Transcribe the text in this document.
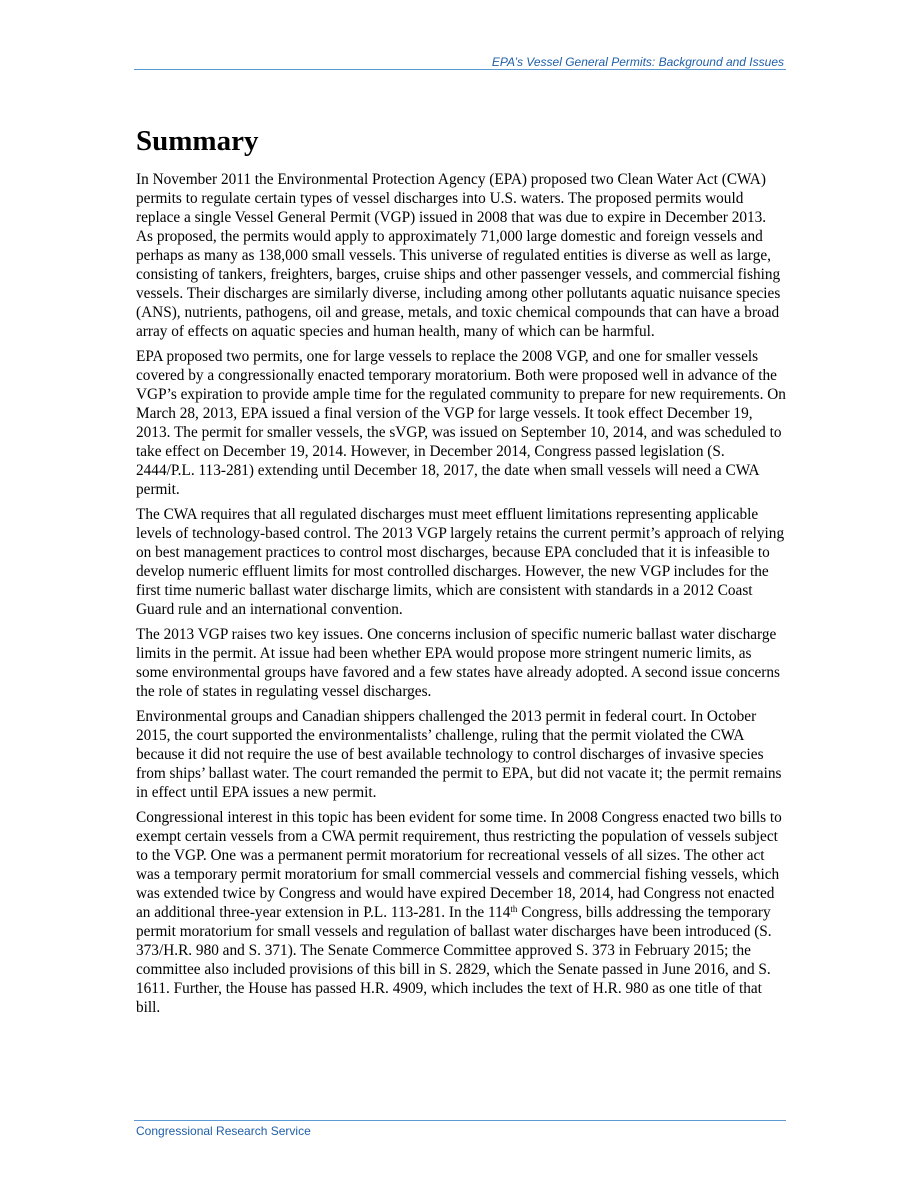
EPA’s Vessel General Permits: Background and Issues
Summary

In November 2011 the Environmental Protection Agency (EPA) proposed two Clean Water Act (CWA) permits to regulate certain types of vessel discharges into U.S. waters. The proposed permits would replace a single Vessel General Permit (VGP) issued in 2008 that was due to expire in December 2013. As proposed, the permits would apply to approximately 71,000 large domestic and foreign vessels and perhaps as many as 138,000 small vessels. This universe of regulated entities is diverse as well as large, consisting of tankers, freighters, barges, cruise ships and other passenger vessels, and commercial fishing vessels. Their discharges are similarly diverse, including among other pollutants aquatic nuisance species (ANS), nutrients, pathogens, oil and grease, metals, and toxic chemical compounds that can have a broad array of effects on aquatic species and human health, many of which can be harmful.

EPA proposed two permits, one for large vessels to replace the 2008 VGP, and one for smaller vessels covered by a congressionally enacted temporary moratorium. Both were proposed well in advance of the VGP’s expiration to provide ample time for the regulated community to prepare for new requirements. On March 28, 2013, EPA issued a final version of the VGP for large vessels. It took effect December 19, 2013. The permit for smaller vessels, the sVGP, was issued on September 10, 2014, and was scheduled to take effect on December 19, 2014. However, in December 2014, Congress passed legislation (S. 2444/P.L. 113-281) extending until December 18, 2017, the date when small vessels will need a CWA permit.

The CWA requires that all regulated discharges must meet effluent limitations representing applicable levels of technology-based control. The 2013 VGP largely retains the current permit’s approach of relying on best management practices to control most discharges, because EPA concluded that it is infeasible to develop numeric effluent limits for most controlled discharges. However, the new VGP includes for the first time numeric ballast water discharge limits, which are consistent with standards in a 2012 Coast Guard rule and an international convention.

The 2013 VGP raises two key issues. One concerns inclusion of specific numeric ballast water discharge limits in the permit. At issue had been whether EPA would propose more stringent numeric limits, as some environmental groups have favored and a few states have already adopted. A second issue concerns the role of states in regulating vessel discharges.

Environmental groups and Canadian shippers challenged the 2013 permit in federal court. In October 2015, the court supported the environmentalists’ challenge, ruling that the permit violated the CWA because it did not require the use of best available technology to control discharges of invasive species from ships’ ballast water. The court remanded the permit to EPA, but did not vacate it; the permit remains in effect until EPA issues a new permit.

Congressional interest in this topic has been evident for some time. In 2008 Congress enacted two bills to exempt certain vessels from a CWA permit requirement, thus restricting the population of vessels subject to the VGP. One was a permanent permit moratorium for recreational vessels of all sizes. The other act was a temporary permit moratorium for small commercial vessels and commercial fishing vessels, which was extended twice by Congress and would have expired December 18, 2014, had Congress not enacted an additional three-year extension in P.L. 113-281. In the 114th Congress, bills addressing the temporary permit moratorium for small vessels and regulation of ballast water discharges have been introduced (S. 373/H.R. 980 and S. 371). The Senate Commerce Committee approved S. 373 in February 2015; the committee also included provisions of this bill in S. 2829, which the Senate passed in June 2016, and S. 1611. Further, the House has passed H.R. 4909, which includes the text of H.R. 980 as one title of that bill.

Congressional Research Service
